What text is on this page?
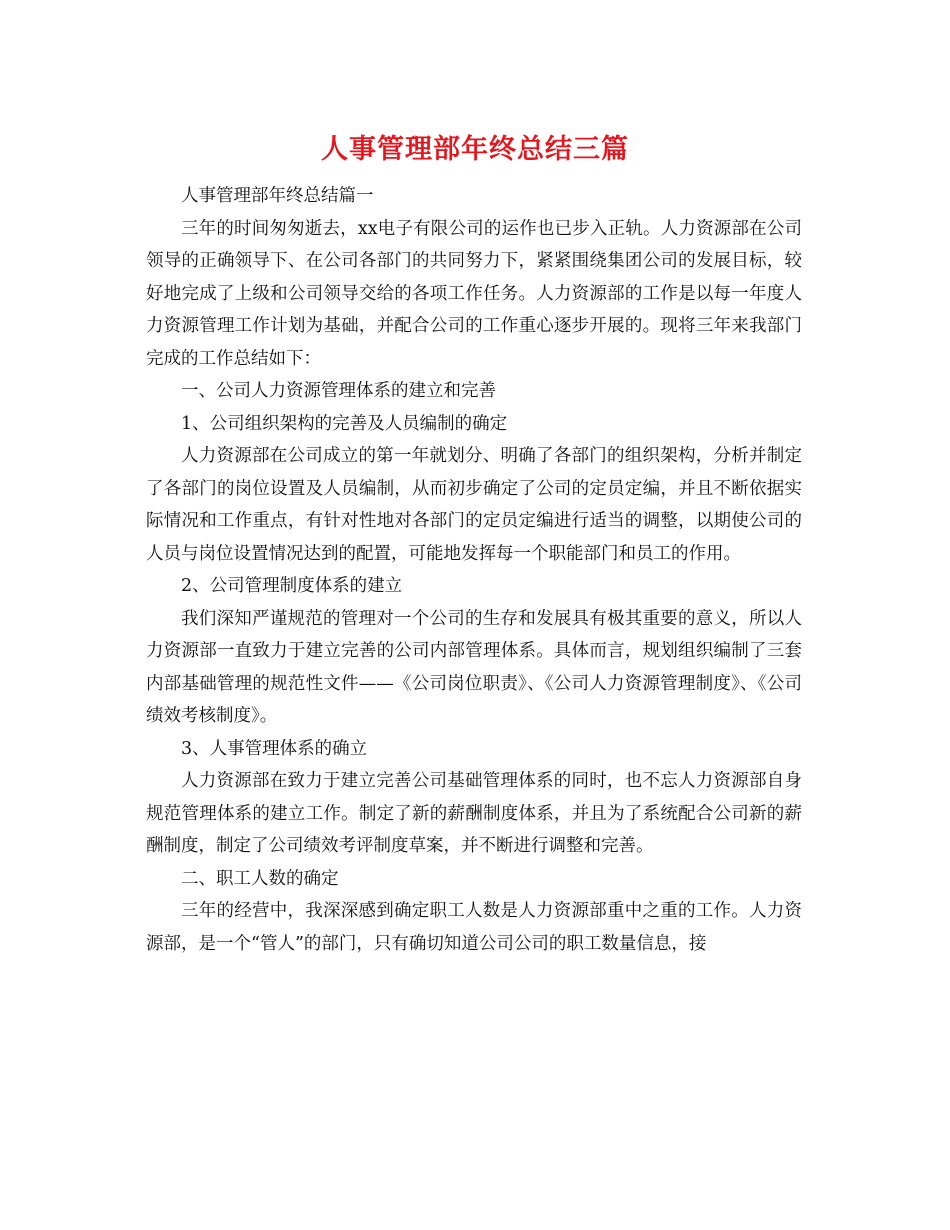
人事管理部年终总结三篇

人事管理部年终总结篇一

三年的时间匆匆逝去，xx电子有限公司的运作也已步入正轨。人力资源部在公司领导的正确领导下、在公司各部门的共同努力下，紧紧围绕集团公司的发展目标，较好地完成了上级和公司领导交给的各项工作任务。人力资源部的工作是以每一年度人力资源管理工作计划为基础，并配合公司的工作重心逐步开展的。现将三年来我部门完成的工作总结如下：

一、公司人力资源管理体系的建立和完善

1、公司组织架构的完善及人员编制的确定

人力资源部在公司成立的第一年就划分、明确了各部门的组织架构，分析并制定了各部门的岗位设置及人员编制，从而初步确定了公司的定员定编，并且不断依据实际情况和工作重点，有针对性地对各部门的定员定编进行适当的调整，以期使公司的人员与岗位设置情况达到的配置，可能地发挥每一个职能部门和员工的作用。

2、公司管理制度体系的建立

我们深知严谨规范的管理对一个公司的生存和发展具有极其重要的意义，所以人力资源部一直致力于建立完善的公司内部管理体系。具体而言，规划组织编制了三套内部基础管理的规范性文件——《公司岗位职责》、《公司人力资源管理制度》、《公司绩效考核制度》。

3、人事管理体系的确立

人力资源部在致力于建立完善公司基础管理体系的同时，也不忘人力资源部自身规范管理体系的建立工作。制定了新的薪酬制度体系，并且为了系统配合公司新的薪酬制度，制定了公司绩效考评制度草案，并不断进行调整和完善。

二、职工人数的确定

三年的经营中，我深深感到确定职工人数是人力资源部重中之重的工作。人力资源部，是一个“管人”的部门，只有确切知道公司公司的职工数量信息，接
